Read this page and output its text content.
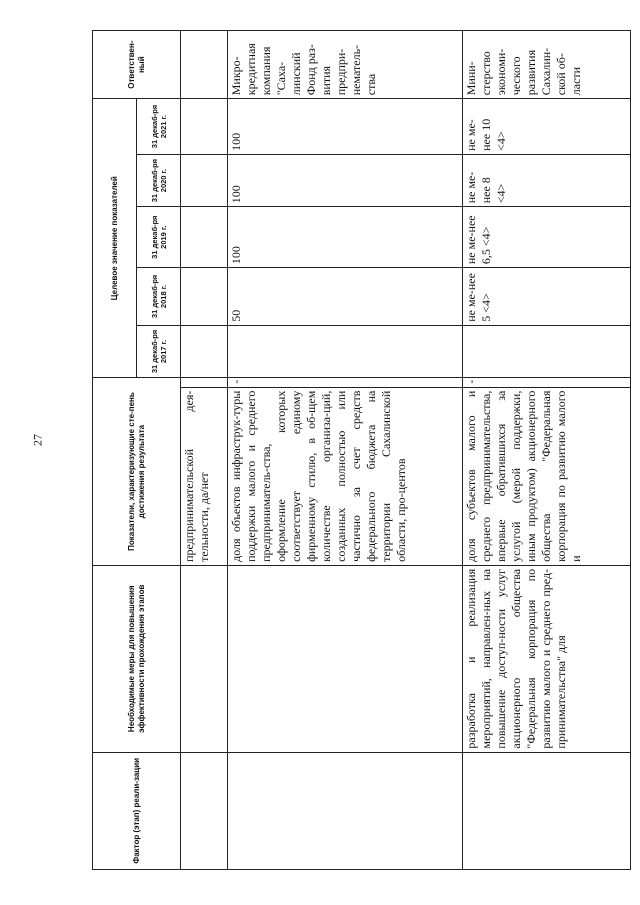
27
Фактор (этап) реали-зации	Необходимые меры для повышения эффективности прохождения этапов	Показатели, характеризующие сте-пень достижения результата		Целевое значение показателей					Ответствен-ный
				31 декаб-ря 2017 г.	31 декаб-ря 2018 г.	31 декаб-ря 2019 г.	31 декаб-ря 2020 г.	31 декаб-ря 2021 г.	
		предпринимательской дея-тельности, да/нет							
		доля объектов инфраструк-туры поддержки малого и среднего предприниматель-ства, оформление которых соответствует единому фирменному стилю, в об-щем количестве организа-ций, созданных полностью или частично за счет средств федерального бюджета на территории Сахалинской области, про-центов	-		50	100	100	100	Микро-кредитная компания "Саха-линский Фонд раз-вития предпри-нематель-ства
	разработка и реализация мероприятий, направлен-ных на повышение доступ-ности услуг акционерного общества "Федеральная корпорация по развитию малого и среднего пред-принимательства" для	доля субъектов малого и среднего предпринимательства, впервые обратившихся за услугой (мерой поддержки, иным продуктом) акционерного общества "Федеральная корпорация по развитию малого и	-		не ме-нее 5 <4>	не ме-нее 6,5 <4>	не ме-нее 8 <4>	не ме-нее 10 <4>	Мини-стерство экономи-ческого развития Сахалин-ской об-ласти
